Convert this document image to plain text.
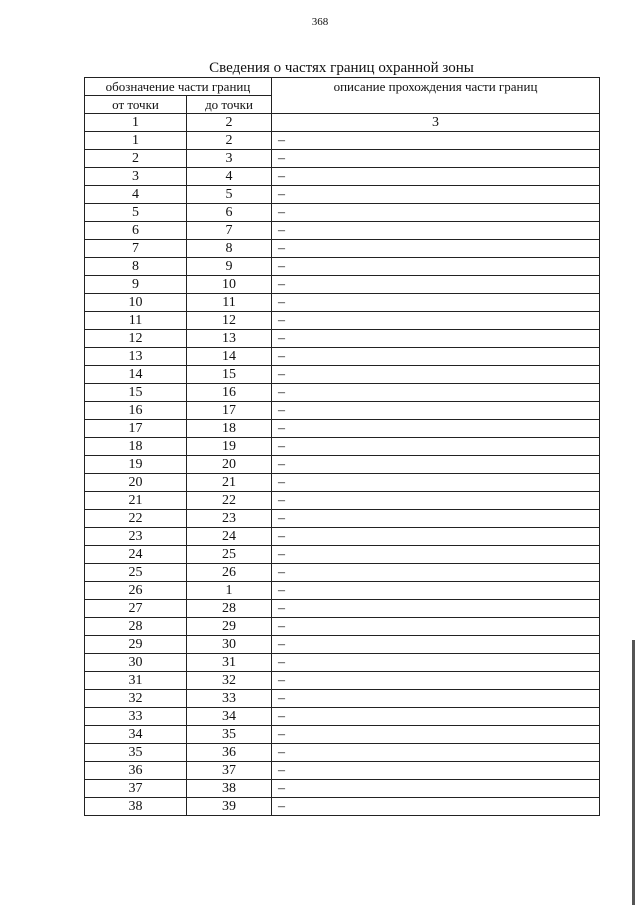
368
Сведения о частях границ охранной зоны
обозначение части границ		описание прохождения части границ
от точки	до точки	
1	2	3
1	2	–
2	3	–
3	4	–
4	5	–
5	6	–
6	7	–
7	8	–
8	9	–
9	10	–
10	11	–
11	12	–
12	13	–
13	14	–
14	15	–
15	16	–
16	17	–
17	18	–
18	19	–
19	20	–
20	21	–
21	22	–
22	23	–
23	24	–
24	25	–
25	26	–
26	1	–
27	28	–
28	29	–
29	30	–
30	31	–
31	32	–
32	33	–
33	34	–
34	35	–
35	36	–
36	37	–
37	38	–
38	39	–
